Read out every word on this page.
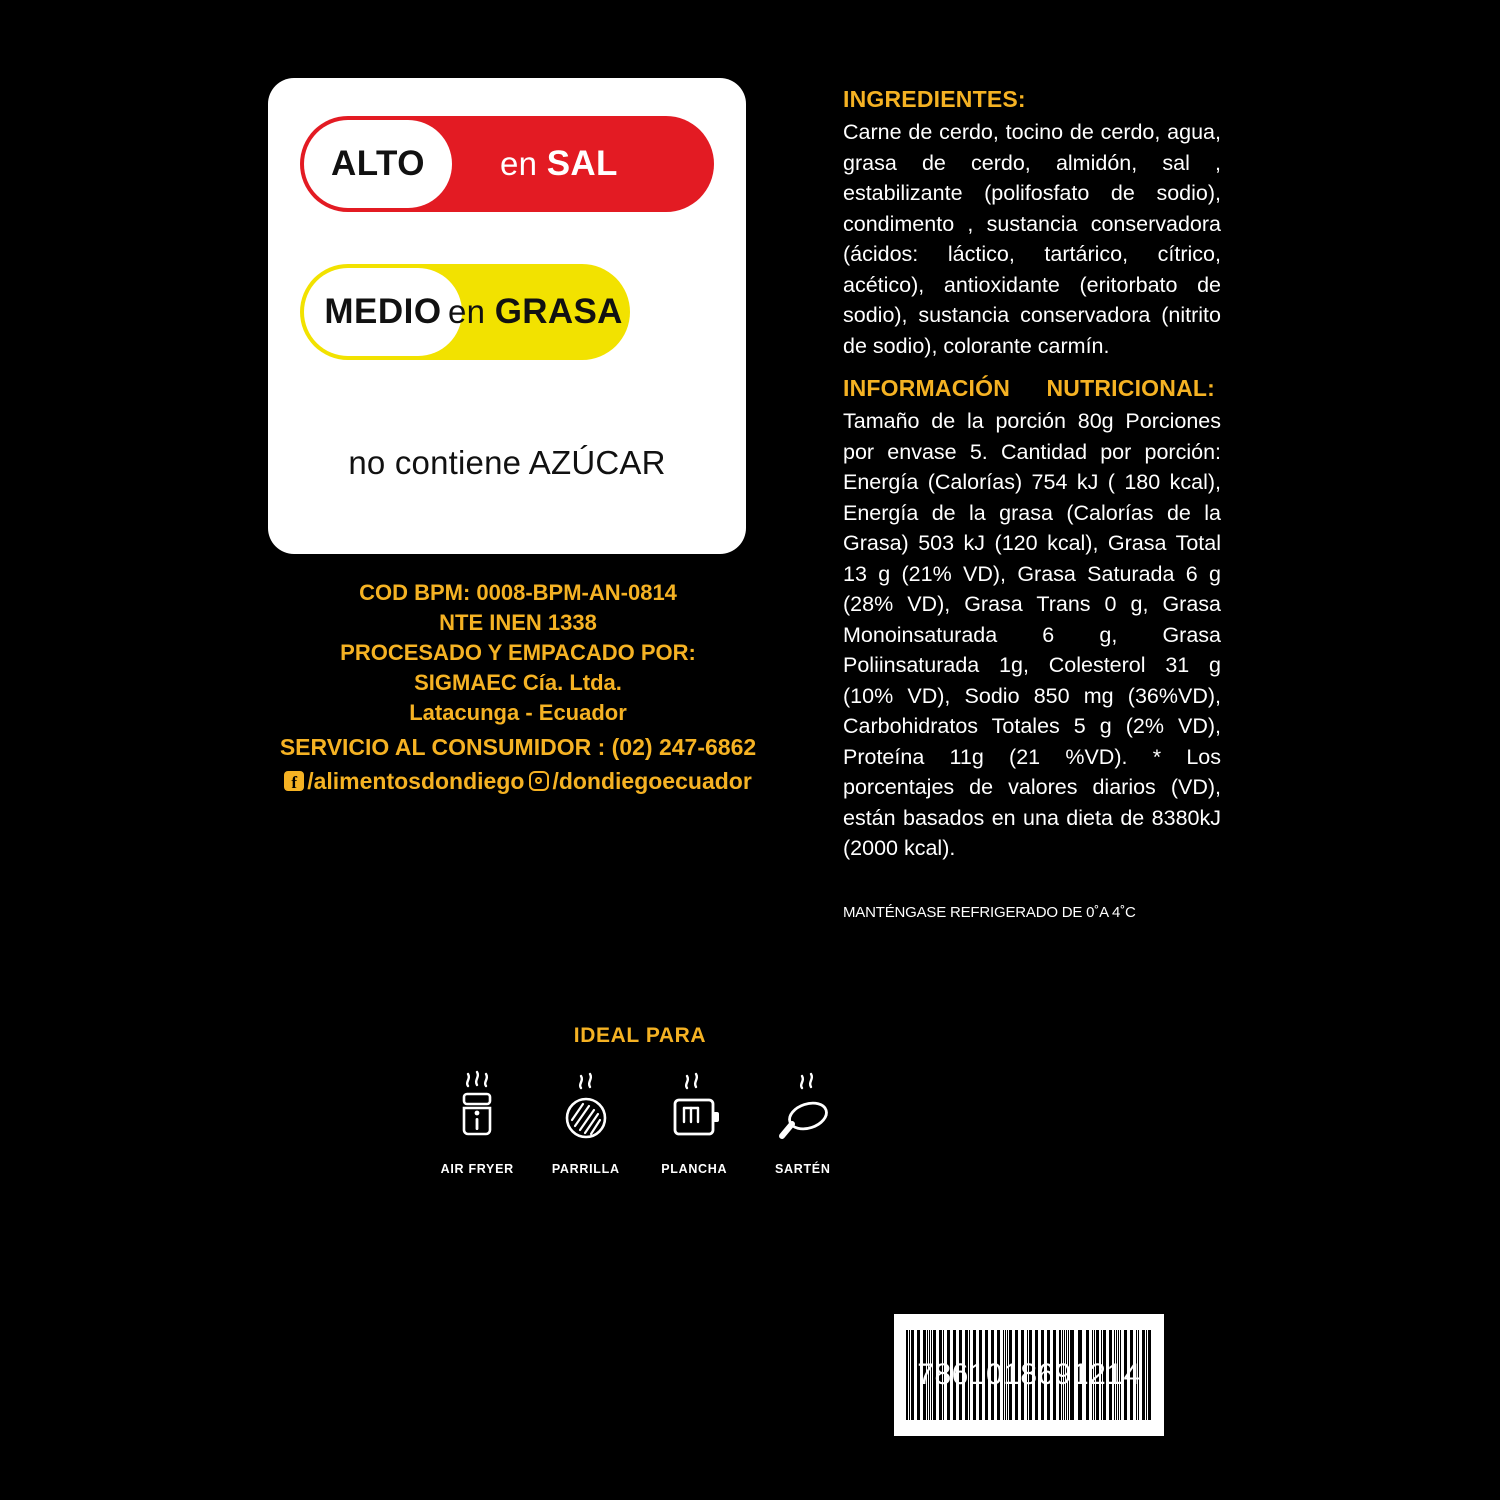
ALTO en SAL
MEDIO en GRASA
no contiene AZÚCAR
COD BPM: 0008-BPM-AN-0814
NTE INEN 1338
PROCESADO Y EMPACADO POR:
SIGMAEC Cía. Ltda.
Latacunga - Ecuador
SERVICIO AL CONSUMIDOR : (02) 247-6862
f
/alimentosdondiego /dondiegoecuador
INGREDIENTES:
Carne de cerdo, tocino de cerdo, agua, grasa de cerdo, almidón, sal , estabilizante (polifosfato de sodio), condimento , sustancia conservadora (ácidos: láctico, tartárico, cítrico, acético), antioxidante (eritorbato de sodio), sustancia conservadora (nitrito de sodio), colorante carmín.
INFORMACIÓN NUTRICIONAL:
Tamaño de la porción 80g Porciones por envase 5. Cantidad por porción: Energía (Calorías) 754 kJ ( 180 kcal), Energía de la grasa (Calorías de la Grasa) 503 kJ (120 kcal), Grasa Total 13 g (21% VD), Grasa Saturada 6 g (28% VD), Grasa Trans 0 g, Grasa Monoinsaturada 6 g, Grasa Poliinsaturada 1g, Colesterol 31 g (10% VD), Sodio 850 mg (36%VD), Carbohidratos Totales 5 g (2% VD), Proteína 11g (21 %VD). * Los porcentajes de valores diarios (VD), están basados en una dieta de 8380kJ (2000 kcal).
MANTÉNGASE REFRIGERADO DE 0˚A 4˚C
IDEAL PARA
AIR FRYER	PARRILLA	PLANCHA	SARTÉN
7861018691214
